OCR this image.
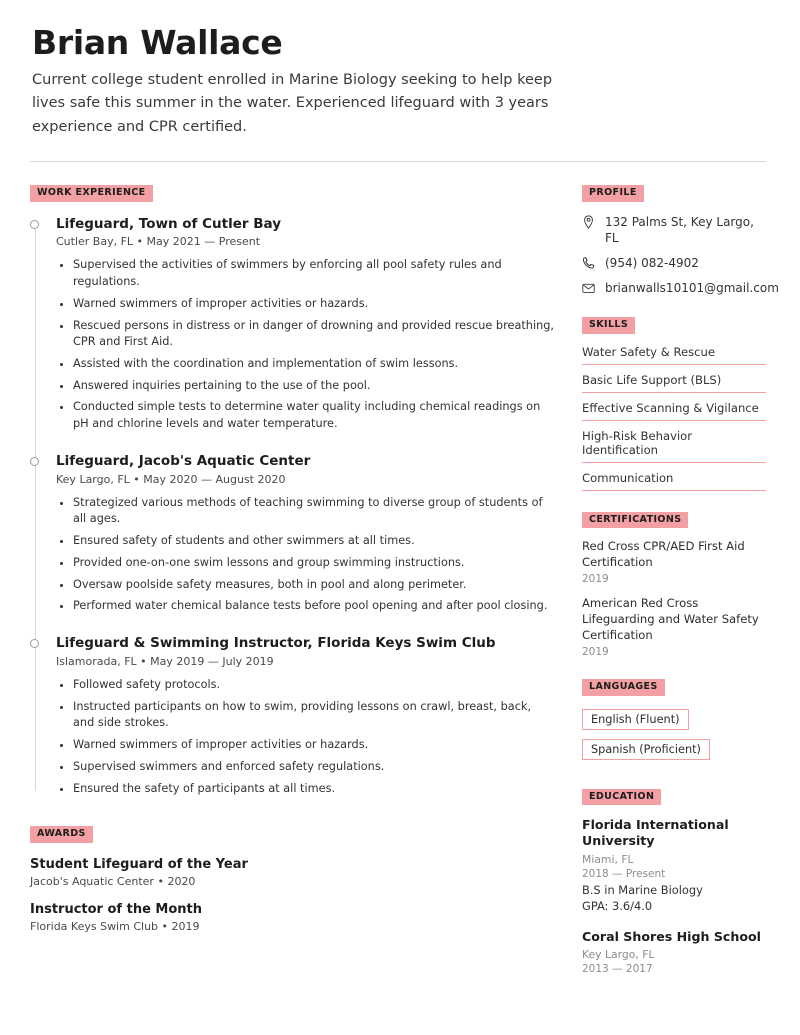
Brian Wallace

Current college student enrolled in Marine Biology seeking to help keep lives safe this summer in the water. Experienced lifeguard with 3 years experience and CPR certified.

WORK EXPERIENCE

Lifeguard, Town of Cutler Bay

Cutler Bay, FL • May 2021 — Present

• Supervised the activities of swimmers by enforcing all pool safety rules and regulations.
• Warned swimmers of improper activities or hazards.
• Rescued persons in distress or in danger of drowning and provided rescue breathing, CPR and First Aid.
• Assisted with the coordination and implementation of swim lessons.
• Answered inquiries pertaining to the use of the pool.
• Conducted simple tests to determine water quality including chemical readings on pH and chlorine levels and water temperature.

Lifeguard, Jacob's Aquatic Center

Key Largo, FL • May 2020 — August 2020

• Strategized various methods of teaching swimming to diverse group of students of all ages.
• Ensured safety of students and other swimmers at all times.
• Provided one-on-one swim lessons and group swimming instructions.
• Oversaw poolside safety measures, both in pool and along perimeter.
• Performed water chemical balance tests before pool opening and after pool closing.

Lifeguard & Swimming Instructor, Florida Keys Swim Club

Islamorada, FL • May 2019 — July 2019

• Followed safety protocols.
• Instructed participants on how to swim, providing lessons on crawl, breast, back, and side strokes.
• Warned swimmers of improper activities or hazards.
• Supervised swimmers and enforced safety regulations.
• Ensured the safety of participants at all times.
AWARDS

Student Lifeguard of the Year

Jacob's Aquatic Center • 2020

Instructor of the Month

Florida Keys Swim Club • 2019

PROFILE
132 Palms St, Key Largo, FL
(954) 082-4902
brianwalls10101@gmail.com
SKILLS
Water Safety & Rescue
Basic Life Support (BLS)
Effective Scanning & Vigilance
High-Risk Behavior Identification
Communication
CERTIFICATIONS

Red Cross CPR/AED First Aid Certification

2019

American Red Cross Lifeguarding and Water Safety Certification

2019

LANGUAGES
English (Fluent)
Spanish (Proficient)
EDUCATION

Florida International University

Miami, FL

2018 — Present

B.S in Marine Biology

GPA: 3.6/4.0

Coral Shores High School

Key Largo, FL

2013 — 2017
